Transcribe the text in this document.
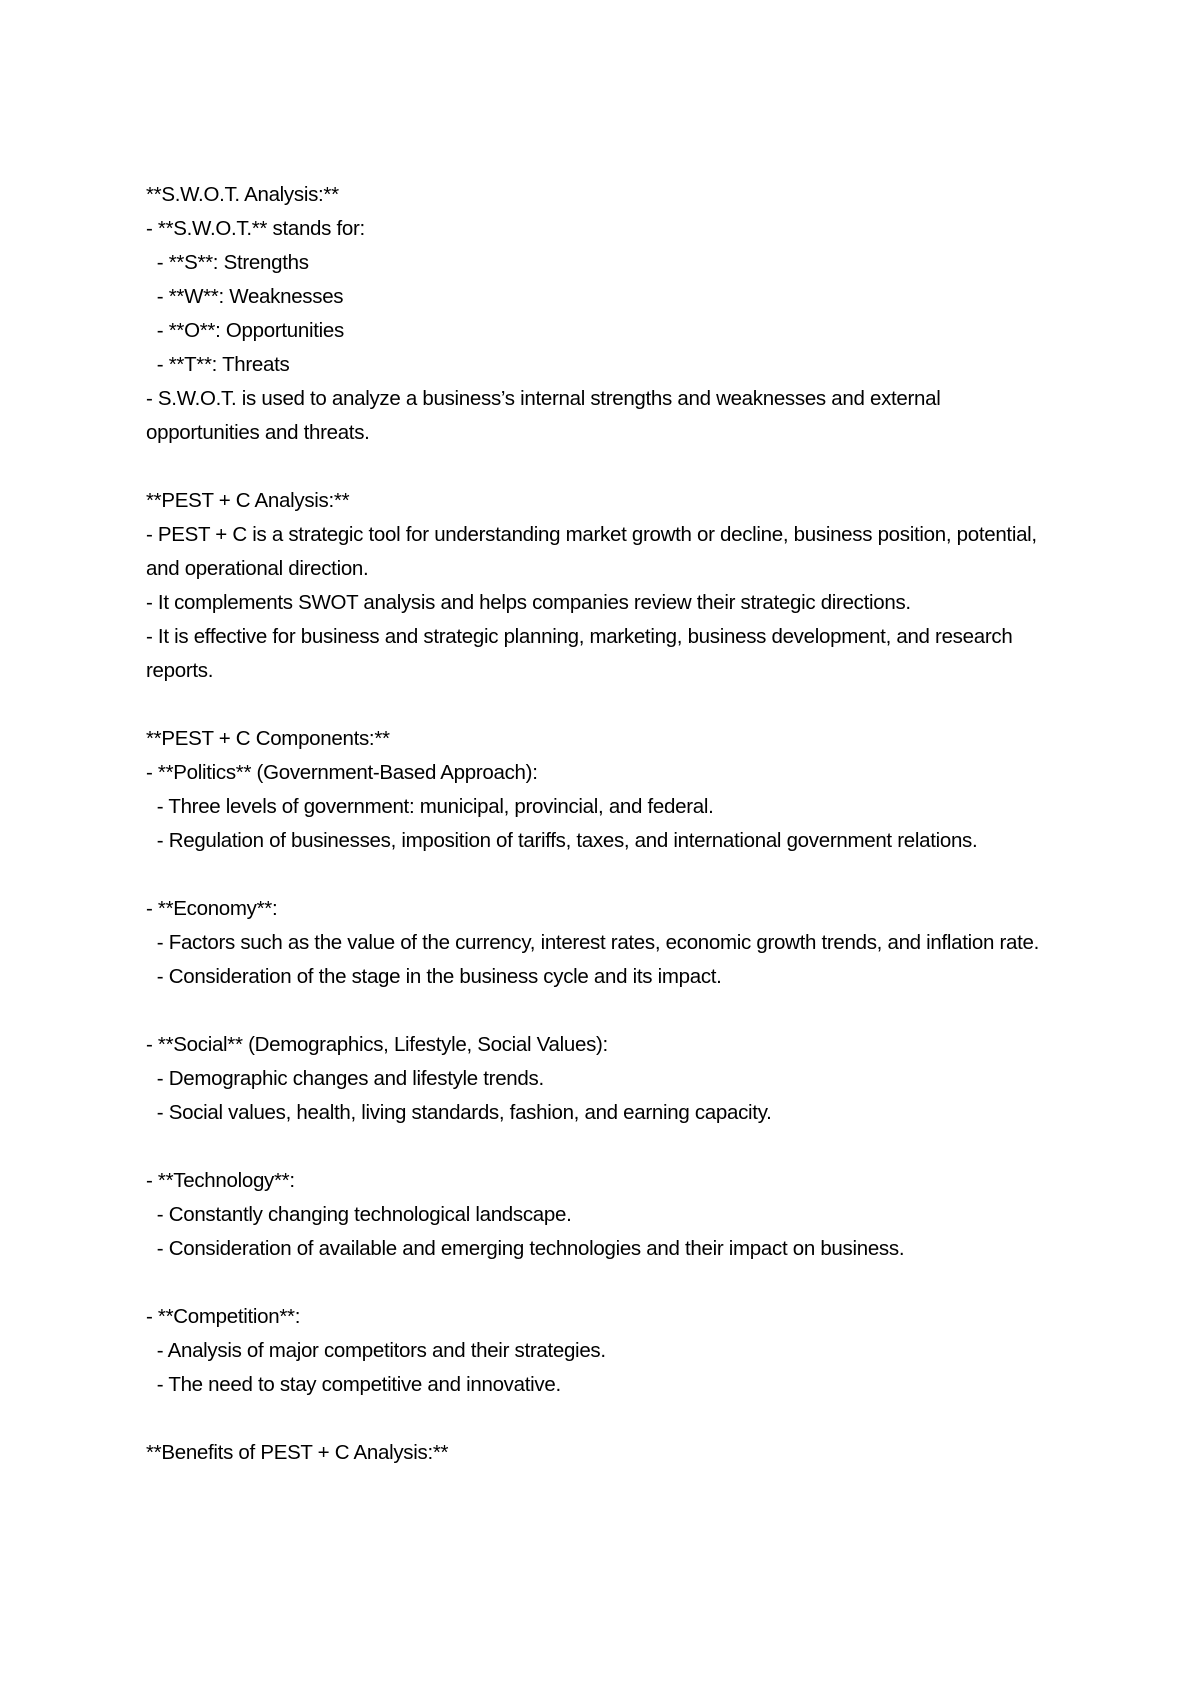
**S.W.O.T. Analysis:**
- **S.W.O.T.** stands for:
- **S**: Strengths
- **W**: Weaknesses
- **O**: Opportunities
- **T**: Threats
- S.W.O.T. is used to analyze a business’s internal strengths and weaknesses and external opportunities and threats.
**PEST + C Analysis:**
- PEST + C is a strategic tool for understanding market growth or decline, business position, potential, and operational direction.
- It complements SWOT analysis and helps companies review their strategic directions.
- It is effective for business and strategic planning, marketing, business development, and research reports.
**PEST + C Components:**
- **Politics** (Government-Based Approach):
- Three levels of government: municipal, provincial, and federal.
- Regulation of businesses, imposition of tariffs, taxes, and international government relations.
- **Economy**:
- Factors such as the value of the currency, interest rates, economic growth trends, and inflation rate.
- Consideration of the stage in the business cycle and its impact.
- **Social** (Demographics, Lifestyle, Social Values):
- Demographic changes and lifestyle trends.
- Social values, health, living standards, fashion, and earning capacity.
- **Technology**:
- Constantly changing technological landscape.
- Consideration of available and emerging technologies and their impact on business.
- **Competition**:
- Analysis of major competitors and their strategies.
- The need to stay competitive and innovative.
**Benefits of PEST + C Analysis:**
